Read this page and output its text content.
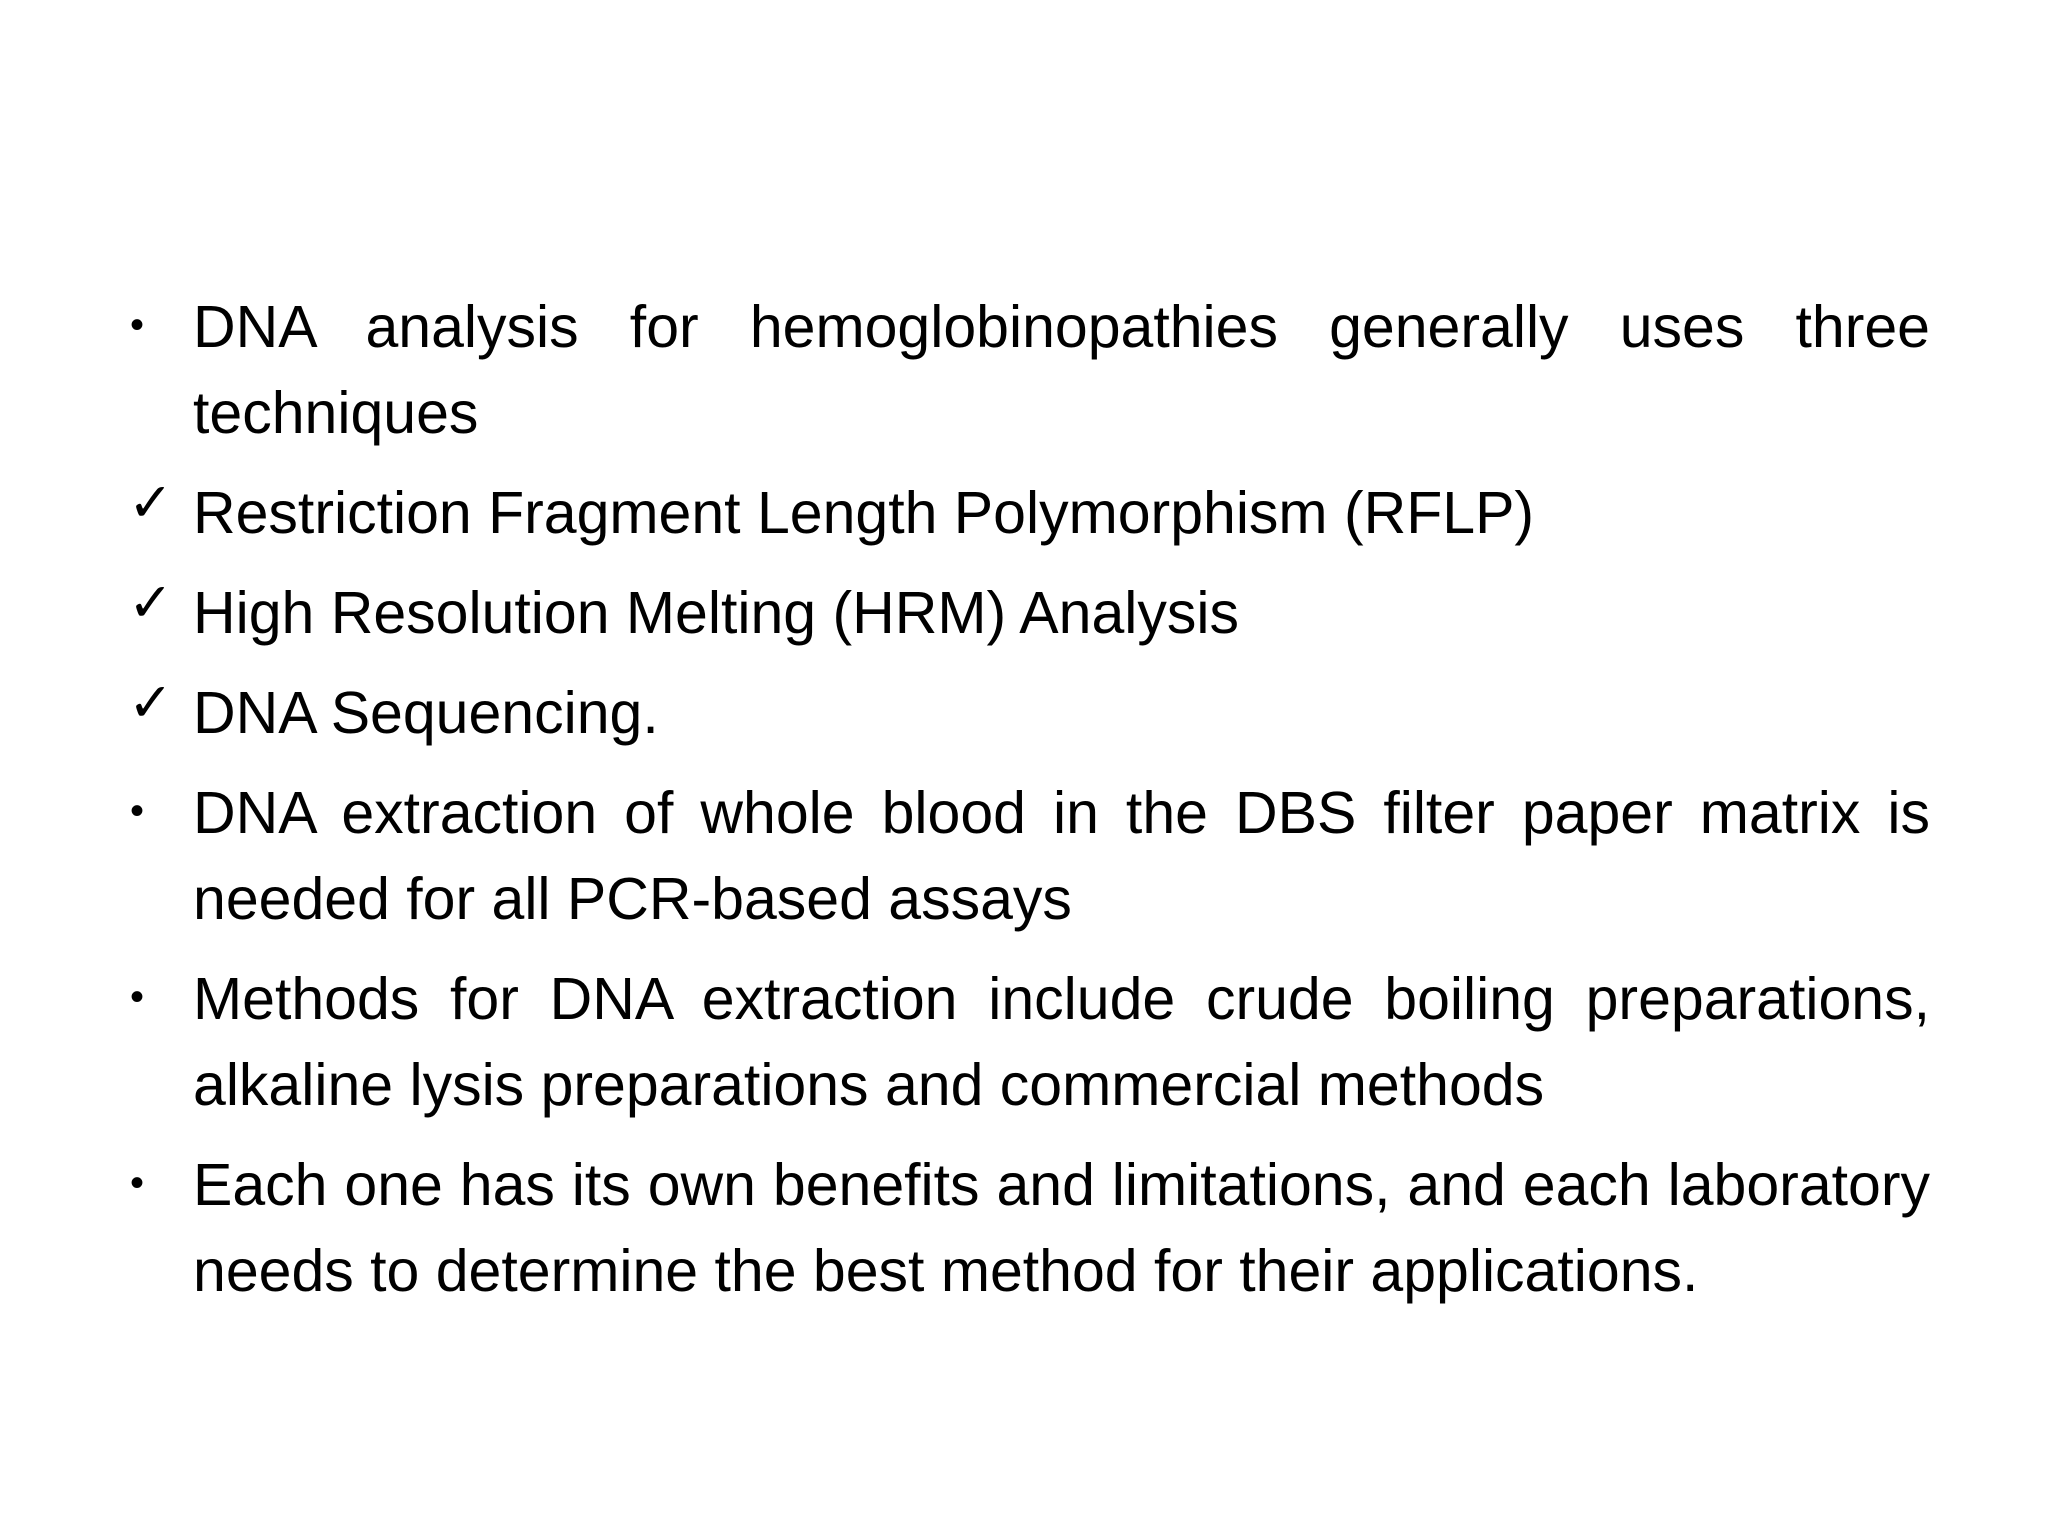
• DNA analysis for hemoglobinopathies generally uses three techniques
✓ Restriction Fragment Length Polymorphism (RFLP)
✓ High Resolution Melting (HRM) Analysis
✓ DNA Sequencing.
• DNA extraction of whole blood in the DBS filter paper matrix is needed for all PCR-based assays
• Methods for DNA extraction include crude boiling preparations, alkaline lysis preparations and commercial methods
• Each one has its own benefits and limitations, and each laboratory needs to determine the best method for their applications.
